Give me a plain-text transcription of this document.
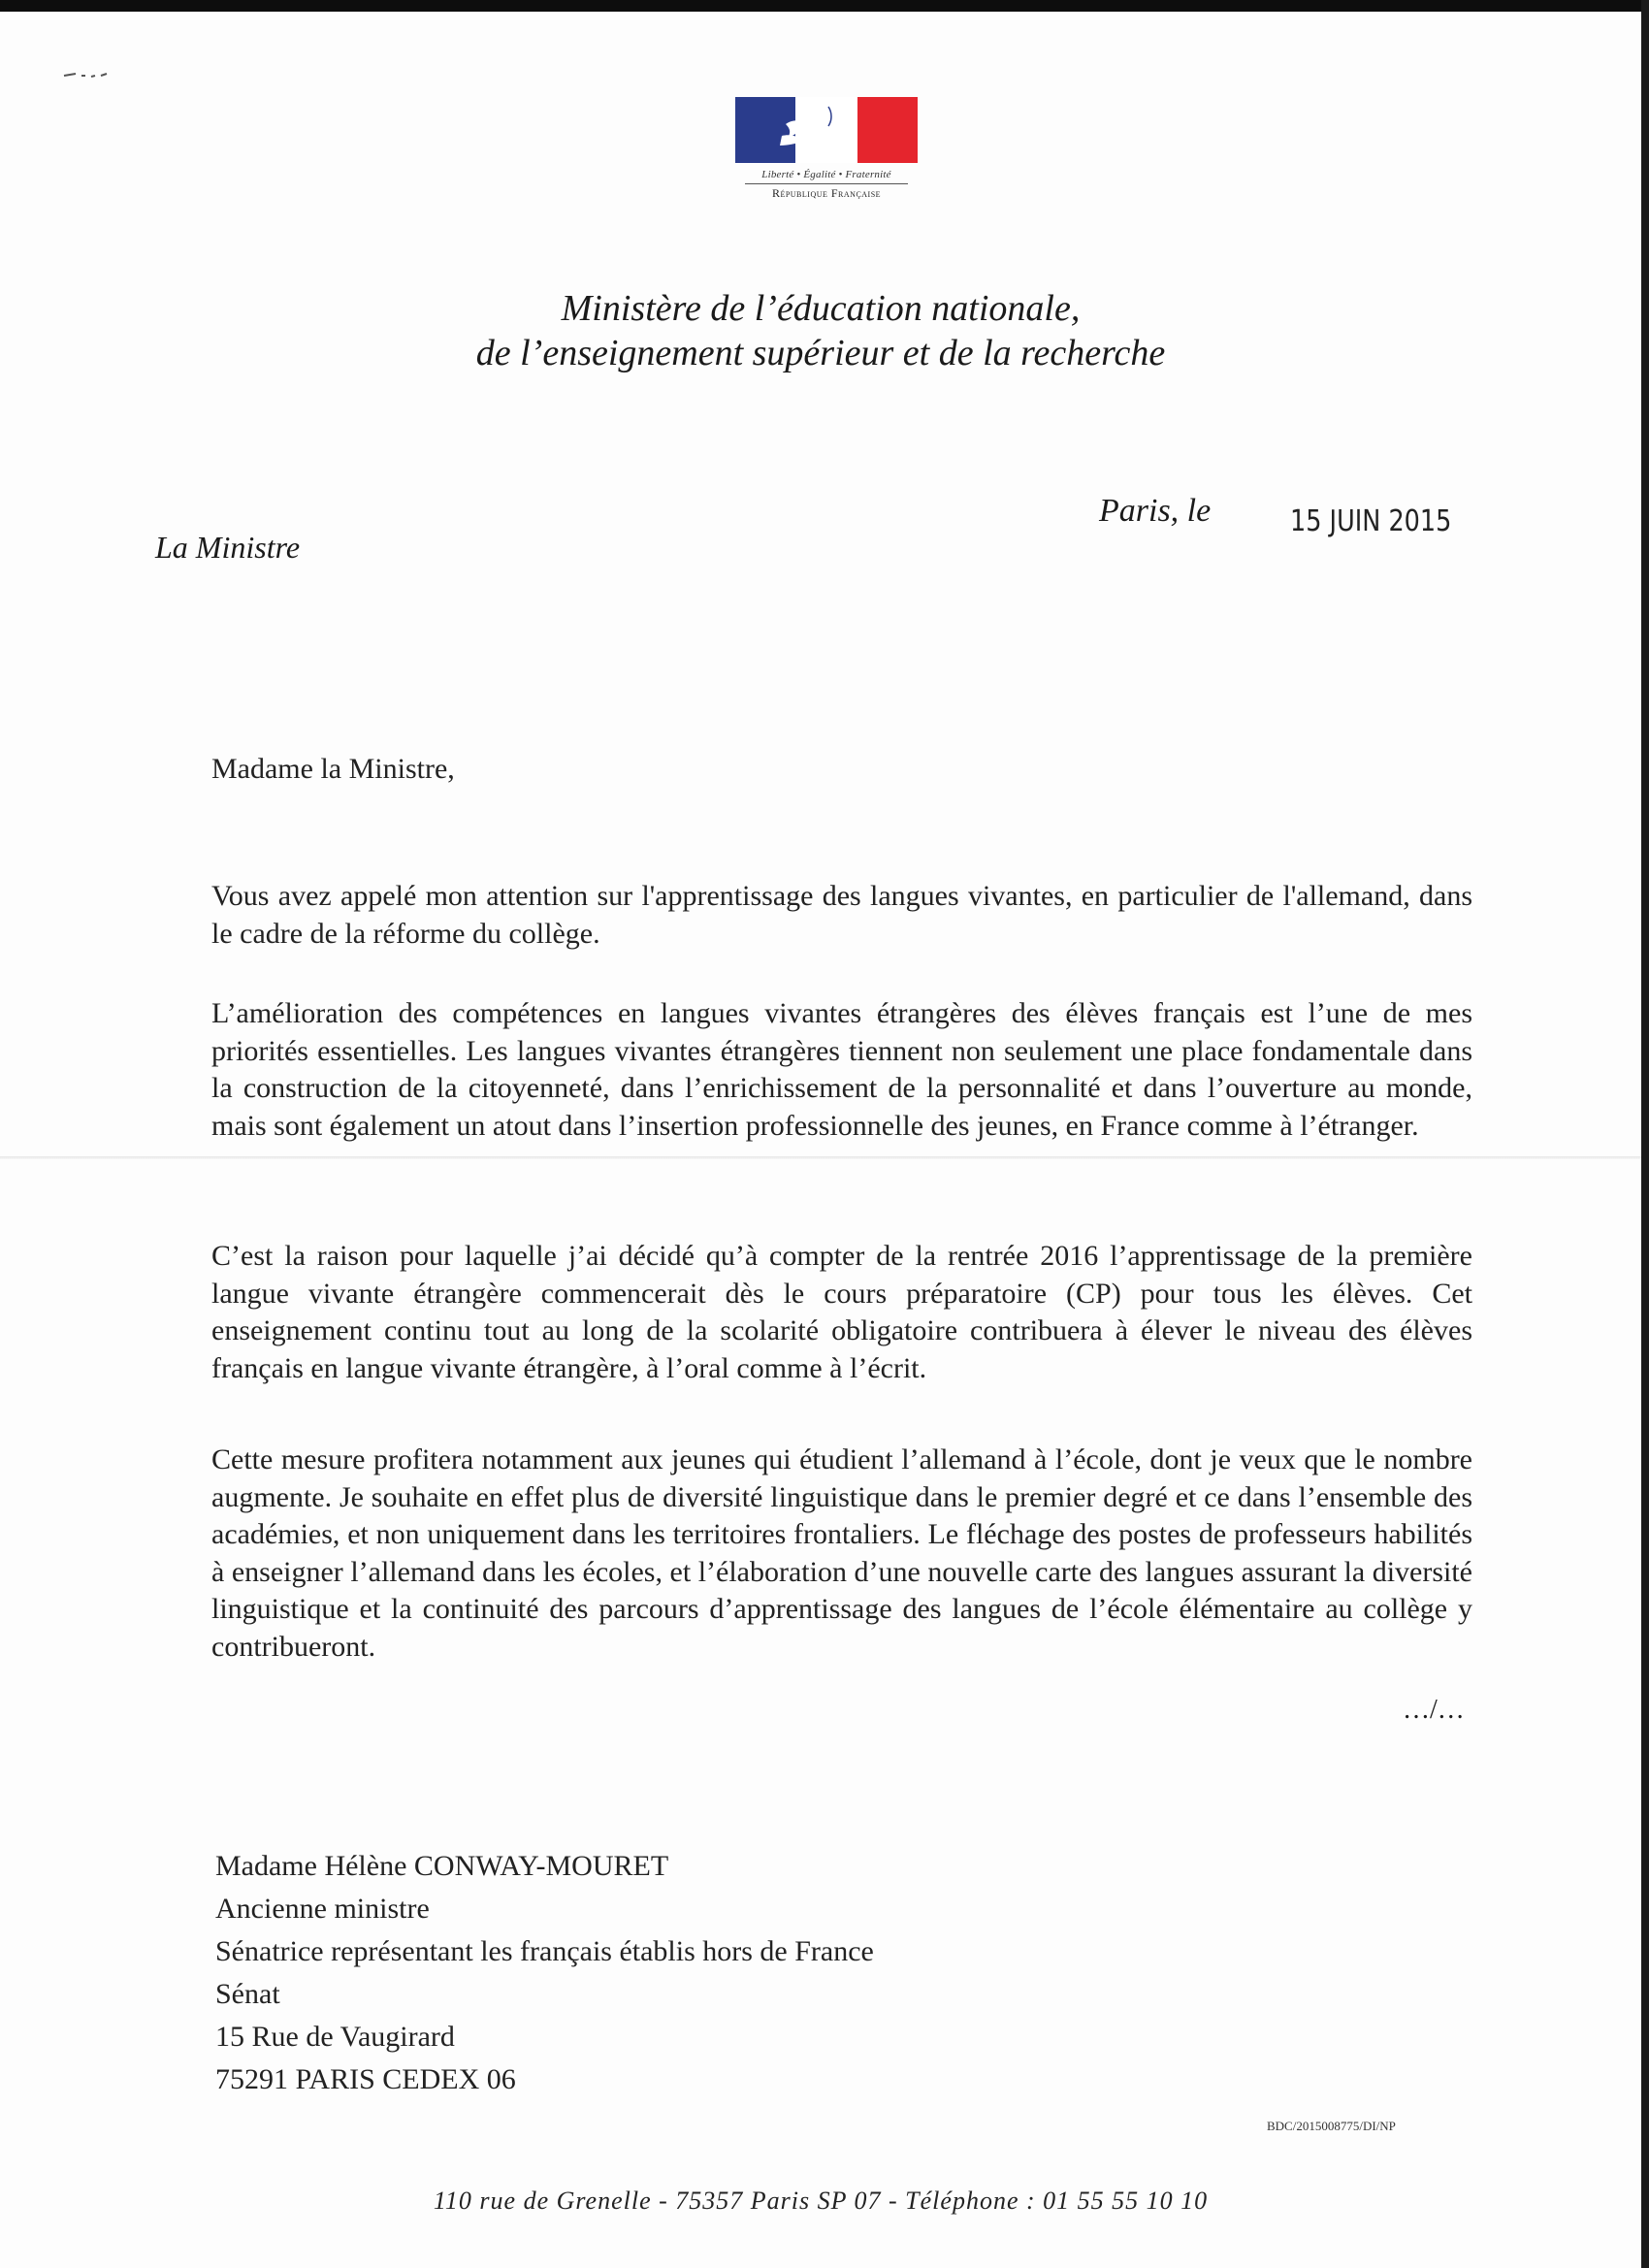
Liberté • Égalité • Fraternité
République Française
Ministère de l’éducation nationale,
de l’enseignement supérieur et de la recherche
La Ministre
Paris, le	15 JUIN 2015

Madame la Ministre,

Vous avez appelé mon attention sur l'apprentissage des langues vivantes, en particulier de l'allemand, dans le cadre de la réforme du collège.

L’amélioration des compétences en langues vivantes étrangères des élèves français est l’une de mes priorités essentielles. Les langues vivantes étrangères tiennent non seulement une place fondamentale dans la construction de la citoyenneté, dans l’enrichissement de la personnalité et dans l’ouverture au monde, mais sont également un atout dans l’insertion professionnelle des jeunes, en France comme à l’étranger.

C’est la raison pour laquelle j’ai décidé qu’à compter de la rentrée 2016 l’apprentissage de la première langue vivante étrangère commencerait dès le cours préparatoire (CP) pour tous les élèves. Cet enseignement continu tout au long de la scolarité obligatoire contribuera à élever le niveau des élèves français en langue vivante étrangère, à l’oral comme à l’écrit.

Cette mesure profitera notamment aux jeunes qui étudient l’allemand à l’école, dont je veux que le nombre augmente. Je souhaite en effet plus de diversité linguistique dans le premier degré et ce dans l’ensemble des académies, et non uniquement dans les territoires frontaliers. Le fléchage des postes de professeurs habilités à enseigner l’allemand dans les écoles, et l’élaboration d’une nouvelle carte des langues assurant la diversité linguistique et la continuité des parcours d’apprentissage des langues de l’école élémentaire au collège y contribueront.

…/…
Madame Hélène CONWAY-MOURET
Ancienne ministre
Sénatrice représentant les français établis hors de France
Sénat
15 Rue de Vaugirard
75291 PARIS CEDEX 06
BDC/2015008775/DI/NP
110 rue de Grenelle - 75357 Paris SP 07 - Téléphone : 01 55 55 10 10
